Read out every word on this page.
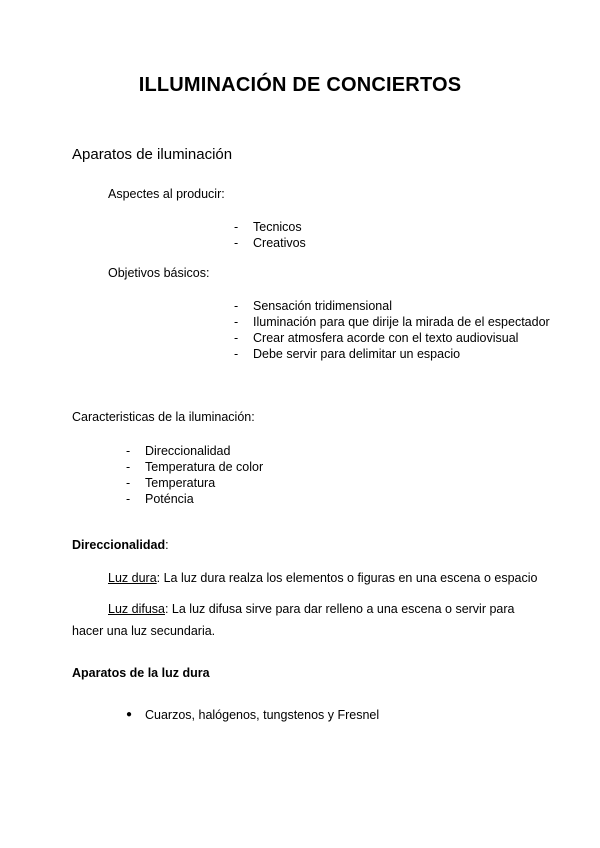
ILLUMINACIÓN DE CONCIERTOS
Aparatos de iluminación
Aspectes al producir:
- Tecnicos
- Creativos
Objetivos básicos:
- Sensación tridimensional
- Iluminación para que dirije la mirada de el espectador
- Crear atmosfera acorde con el texto audiovisual
- Debe servir para delimitar un espacio
Caracteristicas de la iluminación:
- Direccionalidad
- Temperatura de color
- Temperatura
- Poténcia
Direccionalidad:
Luz dura: La luz dura realza los elementos o figuras en una escena o espacio
Luz difusa: La luz difusa sirve para dar relleno a una escena o servir para
hacer una luz secundaria.
Aparatos de la luz dura
● Cuarzos, halógenos, tungstenos y Fresnel
